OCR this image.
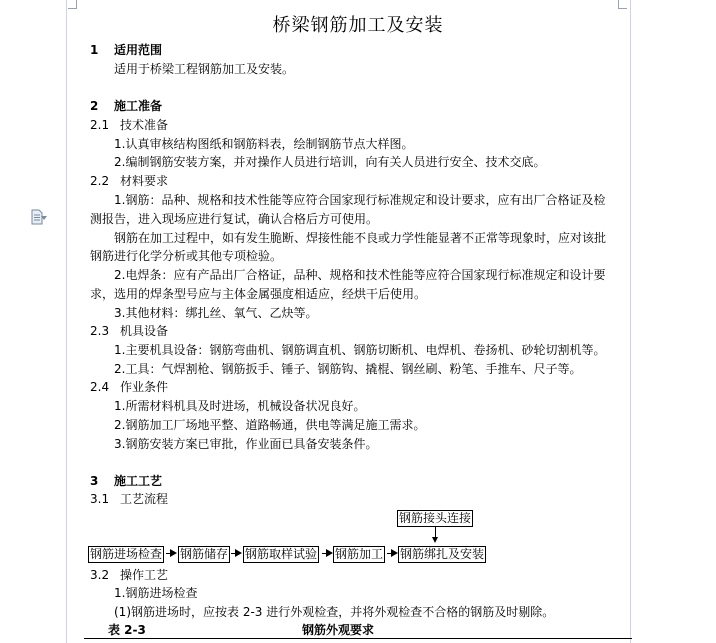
桥梁钢筋加工及安装
1 适用范围
适用于桥梁工程钢筋加工及安装。
2 施工准备
2.1 技术准备
1.认真审核结构图纸和钢筋料表，绘制钢筋节点大样图。
2.编制钢筋安装方案，并对操作人员进行培训，向有关人员进行安全、技术交底。
2.2 材料要求
1.钢筋：品种、规格和技术性能等应符合国家现行标准规定和设计要求，应有出厂合格证及检
测报告，进入现场应进行复试，确认合格后方可使用。
钢筋在加工过程中，如有发生脆断、焊接性能不良或力学性能显著不正常等现象时，应对该批
钢筋进行化学分析或其他专项检验。
2.电焊条：应有产品出厂合格证，品种、规格和技术性能等应符合国家现行标准规定和设计要
求，选用的焊条型号应与主体金属强度相适应，经烘干后使用。
3.其他材料：绑扎丝、氧气、乙炔等。
2.3 机具设备
1.主要机具设备：钢筋弯曲机、钢筋调直机、钢筋切断机、电焊机、卷扬机、砂轮切割机等。
2.工具：气焊割枪、钢筋扳手、锤子、钢筋钩、撬棍、钢丝刷、粉笔、手推车、尺子等。
2.4 作业条件
1.所需材料机具及时进场，机械设备状况良好。
2.钢筋加工厂场地平整、道路畅通，供电等满足施工需求。
3.钢筋安装方案已审批，作业面已具备安装条件。
3 施工工艺
3.1 工艺流程
钢筋接头连接
钢筋进场检查 钢筋储存 钢筋取样试验 钢筋加工 钢筋绑扎及安装
3.2 操作工艺
1.钢筋进场检查
(1)钢筋进场时，应按表 2-3 进行外观检查，并将外观检查不合格的钢筋及时剔除。
表 2-3	钢筋外观要求
